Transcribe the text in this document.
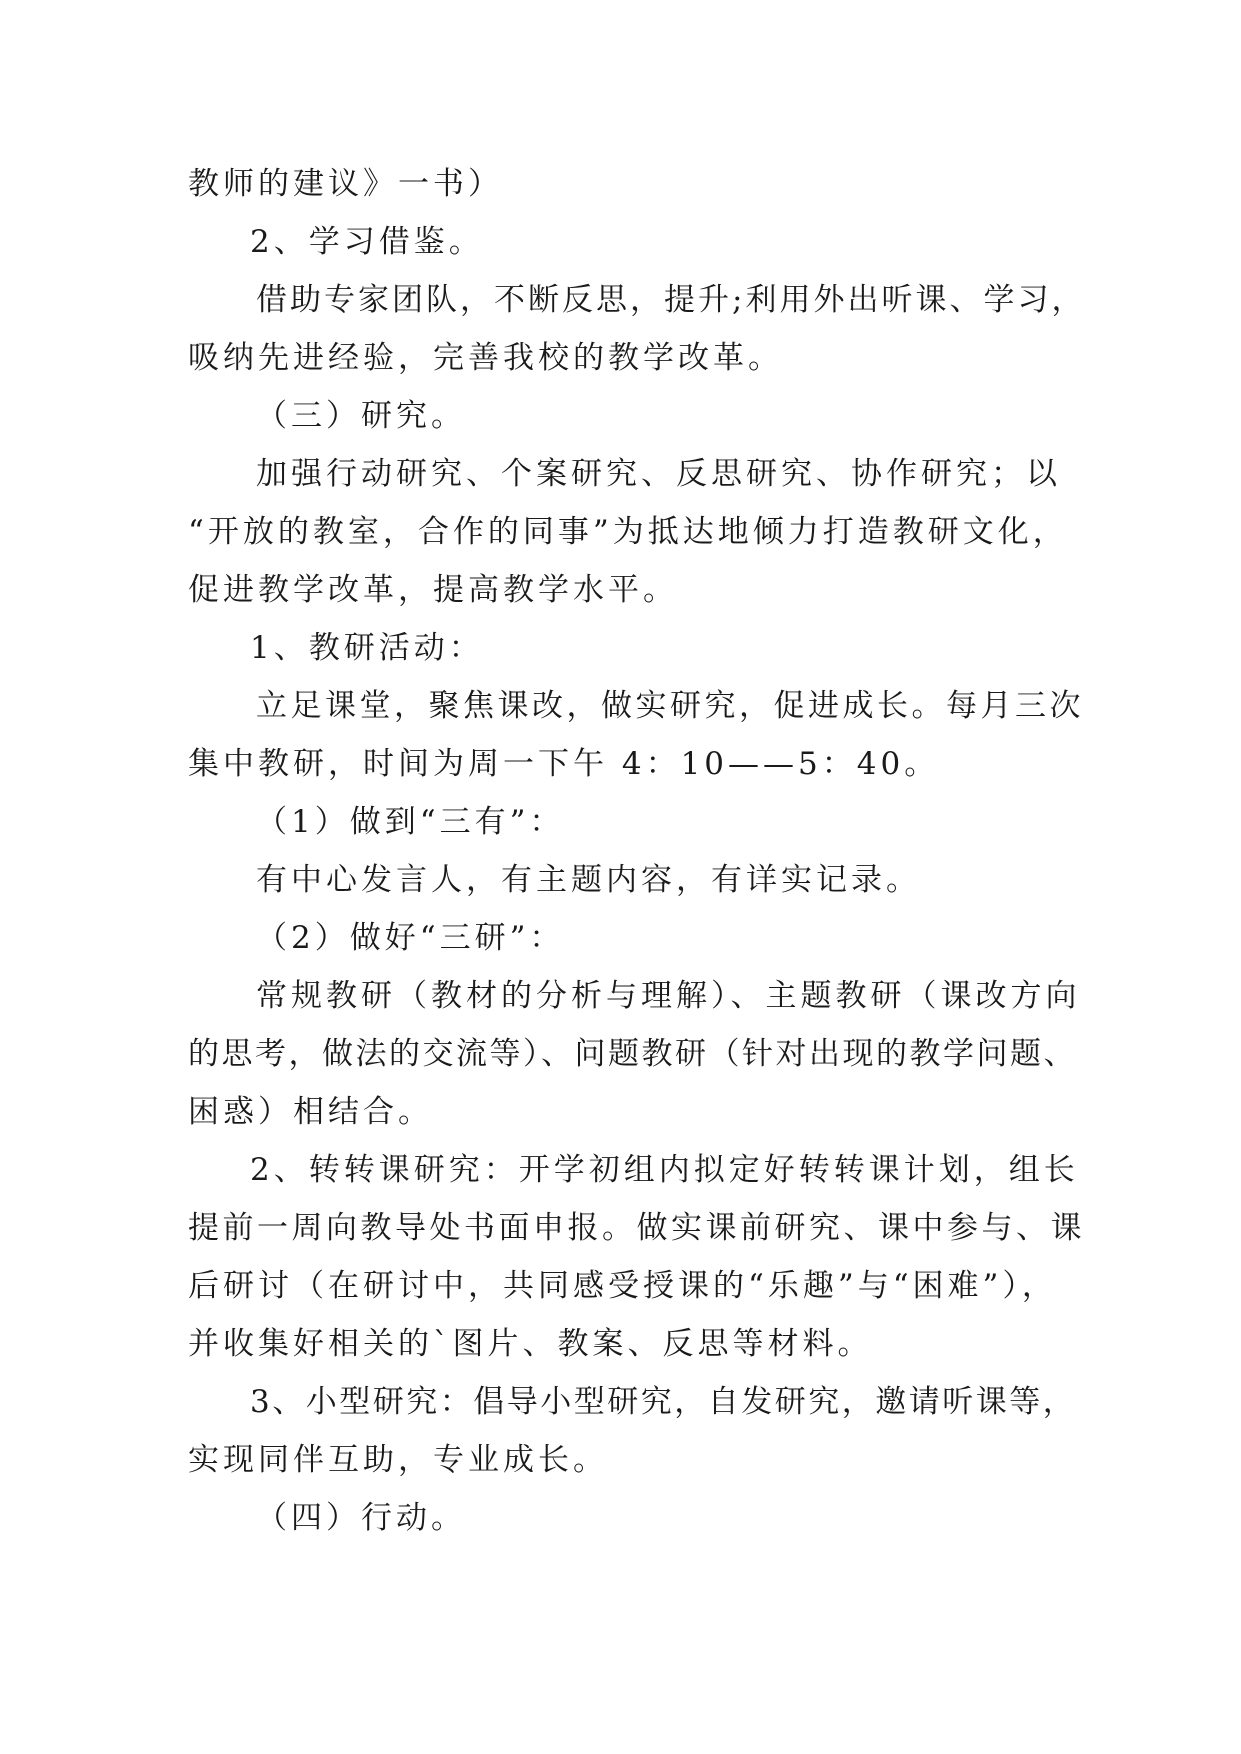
教师的建议》一书）
2、学习借鉴。
借助专家团队，不断反思，提升;利用外出听课、学习，
吸纳先进经验，完善我校的教学改革。
（三）研究。
加强行动研究、个案研究、反思研究、协作研究；以
“开放的教室，合作的同事”为抵达地倾力打造教研文化，
促进教学改革，提高教学水平。
1、教研活动：
立足课堂，聚焦课改，做实研究，促进成长。每月三次
集中教研，时间为周一下午 4：10——5：40。
（1）做到“三有”：
有中心发言人，有主题内容，有详实记录。
（2）做好“三研”：
常规教研（教材的分析与理解）、主题教研（课改方向
的思考，做法的交流等）、问题教研（针对出现的教学问题、
困惑）相结合。
2、转转课研究：开学初组内拟定好转转课计划，组长
提前一周向教导处书面申报。做实课前研究、课中参与、课
后研讨（在研讨中，共同感受授课的“乐趣”与“困难”），
并收集好相关的`图片、教案、反思等材料。
3、小型研究：倡导小型研究，自发研究，邀请听课等，
实现同伴互助，专业成长。
（四）行动。
